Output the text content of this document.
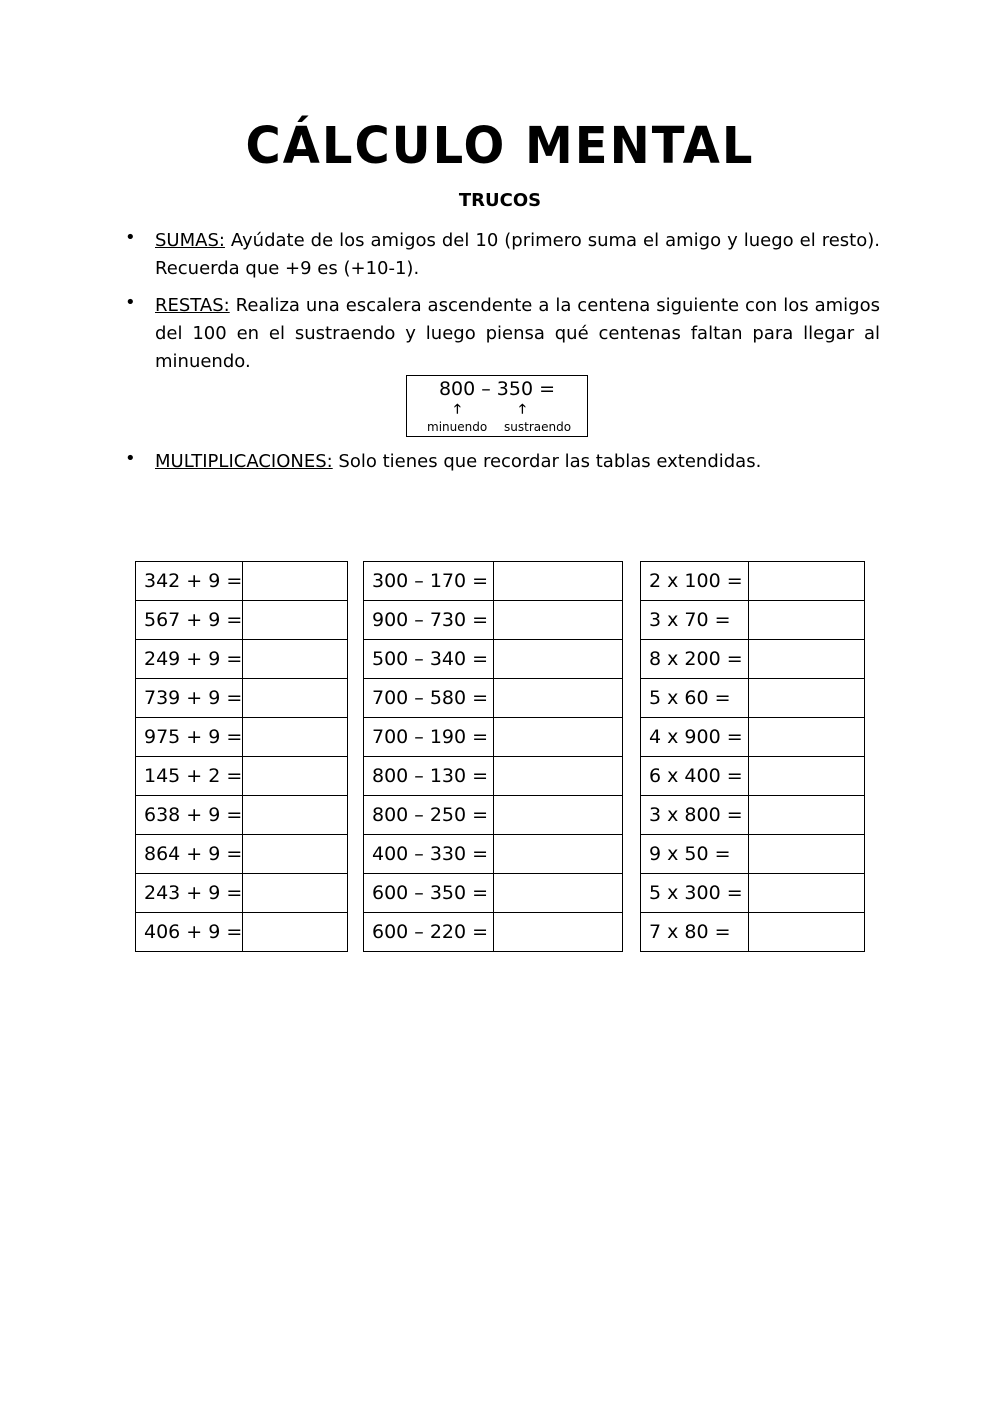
CÁLCULO MENTAL
TRUCOS
• SUMAS: Ayúdate de los amigos del 10 (primero suma el amigo y luego el resto). Recuerda que +9 es (+10-1).
• RESTAS: Realiza una escalera ascendente a la centena siguiente con los amigos del 100 en el sustraendo y luego piensa qué centenas faltan para llegar al minuendo.
800 – 350 =
🡑	🡑
minuendo sustraendo
• MULTIPLICACIONES: Solo tienes que recordar las tablas extendidas.
342 + 9 =	
567 + 9 =	
249 + 9 =	
739 + 9 =	
975 + 9 =	
145 + 2 =	
638 + 9 =	
864 + 9 =	
243 + 9 =	
406 + 9 =	
300 – 170 =	
900 – 730 =	
500 – 340 =	
700 – 580 =	
700 – 190 =	
800 – 130 =	
800 – 250 =	
400 – 330 =	
600 – 350 =	
600 – 220 =	
2 x 100 =	
3 x 70 =	
8 x 200 =	
5 x 60 =	
4 x 900 =	
6 x 400 =	
3 x 800 =	
9 x 50 =	
5 x 300 =	
7 x 80 =	
